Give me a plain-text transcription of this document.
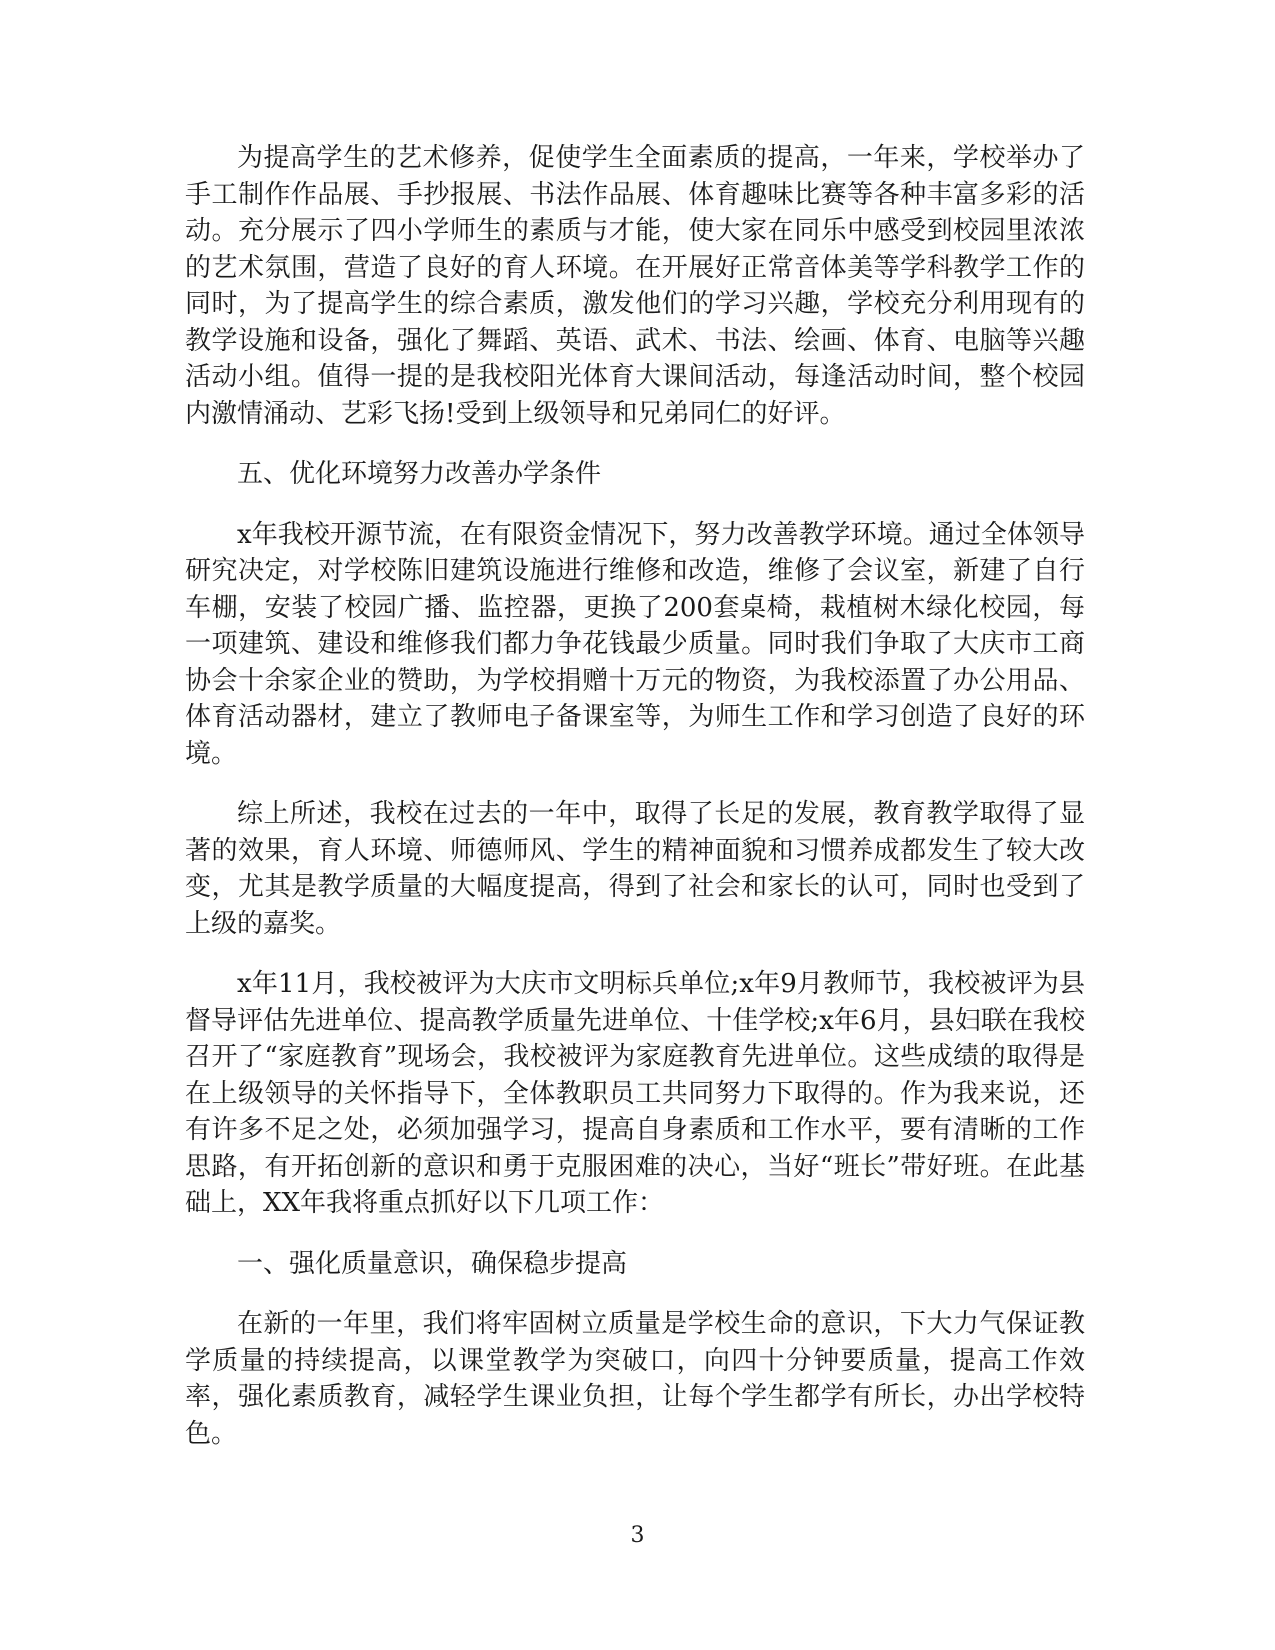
为提高学生的艺术修养，促使学生全面素质的提高，一年来，学校举办了手工制作作品展、手抄报展、书法作品展、体育趣味比赛等各种丰富多彩的活动。充分展示了四小学师生的素质与才能，使大家在同乐中感受到校园里浓浓的艺术氛围，营造了良好的育人环境。在开展好正常音体美等学科教学工作的同时，为了提高学生的综合素质，激发他们的学习兴趣，学校充分利用现有的教学设施和设备，强化了舞蹈、英语、武术、书法、绘画、体育、电脑等兴趣活动小组。值得一提的是我校阳光体育大课间活动，每逢活动时间，整个校园内激情涌动、艺彩飞扬!受到上级领导和兄弟同仁的好评。

五、优化环境努力改善办学条件

x年我校开源节流，在有限资金情况下，努力改善教学环境。通过全体领导研究决定，对学校陈旧建筑设施进行维修和改造，维修了会议室，新建了自行车棚，安装了校园广播、监控器，更换了200套桌椅，栽植树木绿化校园，每一项建筑、建设和维修我们都力争花钱最少质量。同时我们争取了大庆市工商协会十余家企业的赞助，为学校捐赠十万元的物资，为我校添置了办公用品、体育活动器材，建立了教师电子备课室等，为师生工作和学习创造了良好的环境。

综上所述，我校在过去的一年中，取得了长足的发展，教育教学取得了显著的效果，育人环境、师德师风、学生的精神面貌和习惯养成都发生了较大改变，尤其是教学质量的大幅度提高，得到了社会和家长的认可，同时也受到了上级的嘉奖。

x年11月，我校被评为大庆市文明标兵单位;x年9月教师节，我校被评为县督导评估先进单位、提高教学质量先进单位、十佳学校;x年6月，县妇联在我校召开了“家庭教育”现场会，我校被评为家庭教育先进单位。这些成绩的取得是在上级领导的关怀指导下，全体教职员工共同努力下取得的。作为我来说，还有许多不足之处，必须加强学习，提高自身素质和工作水平，要有清晰的工作思路，有开拓创新的意识和勇于克服困难的决心，当好“班长”带好班。在此基础上，XX年我将重点抓好以下几项工作：

一、强化质量意识，确保稳步提高

在新的一年里，我们将牢固树立质量是学校生命的意识，下大力气保证教学质量的持续提高，以课堂教学为突破口，向四十分钟要质量，提高工作效率，强化素质教育，减轻学生课业负担，让每个学生都学有所长，办出学校特色。

3
